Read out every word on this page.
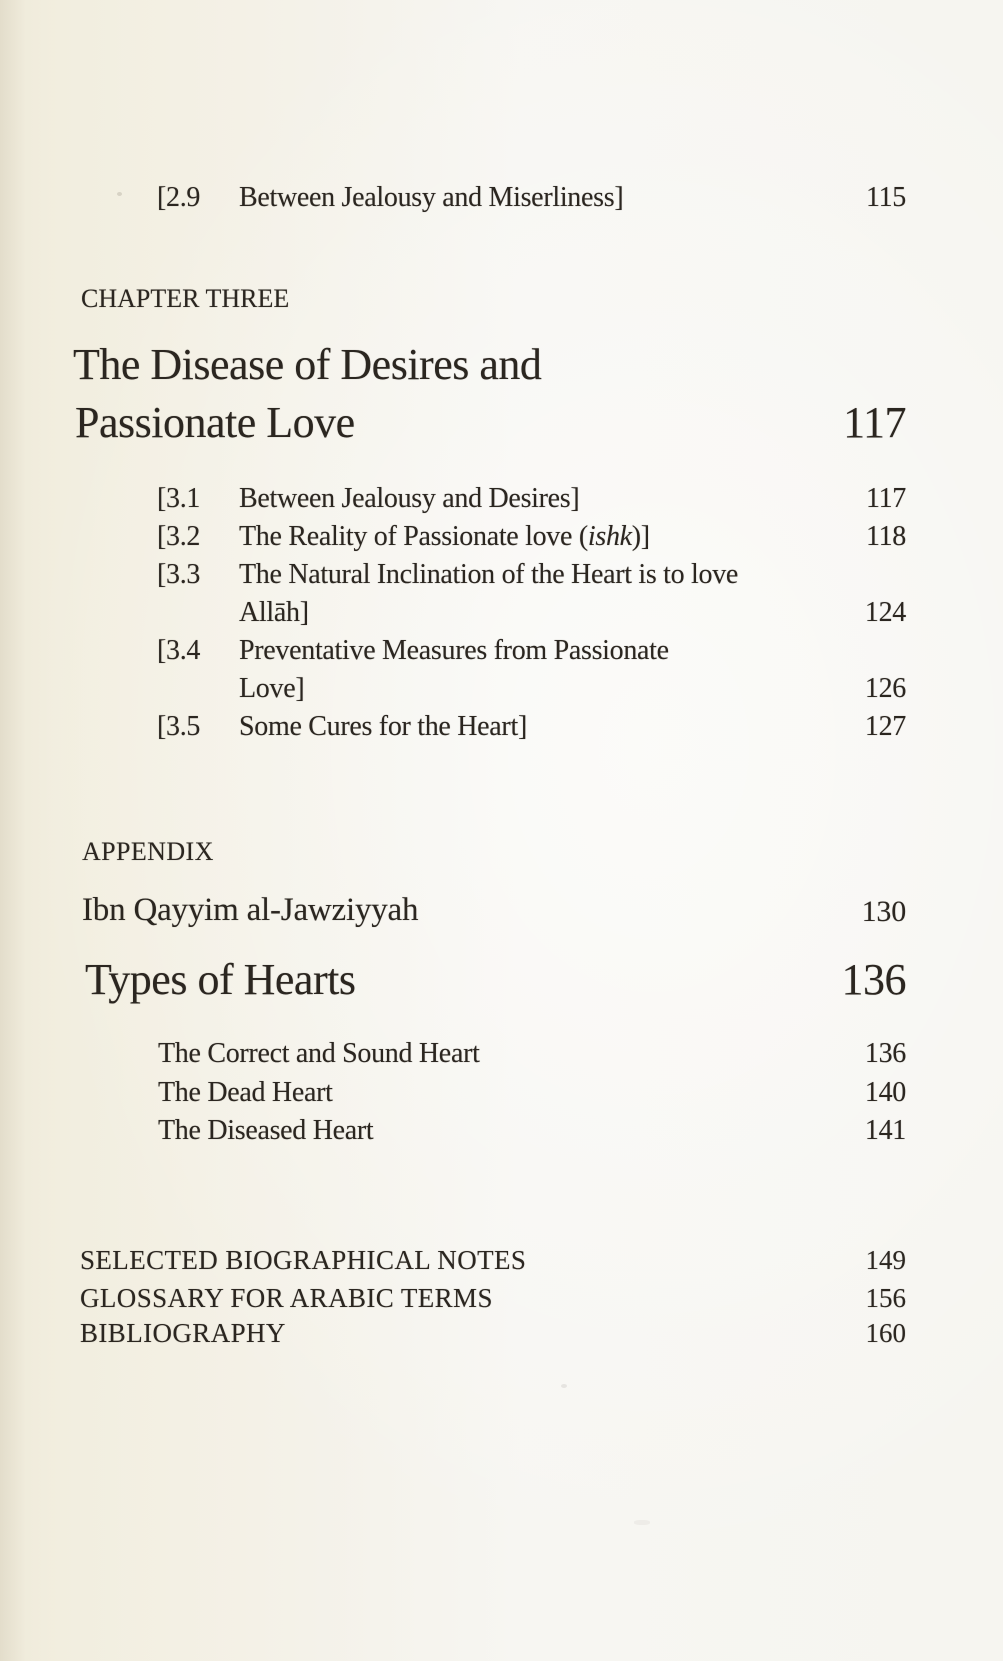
[2.9 Between Jealousy and Miserliness]	115
CHAPTER THREE
The Disease of Desires and
Passionate Love	117
[3.1 Between Jealousy and Desires]	117
[3.2 The Reality of Passionate love (ishk)]	118
[3.3 The Natural Inclination of the Heart is to love
Allāh]	124
[3.4 Preventative Measures from Passionate
Love]	126
[3.5 Some Cures for the Heart]	127
APPENDIX
Ibn Qayyim al-Jawziyyah	130
Types of Hearts	136
The Correct and Sound Heart	136
The Dead Heart	140
The Diseased Heart	141
SELECTED BIOGRAPHICAL NOTES	149
GLOSSARY FOR ARABIC TERMS	156
BIBLIOGRAPHY	160
